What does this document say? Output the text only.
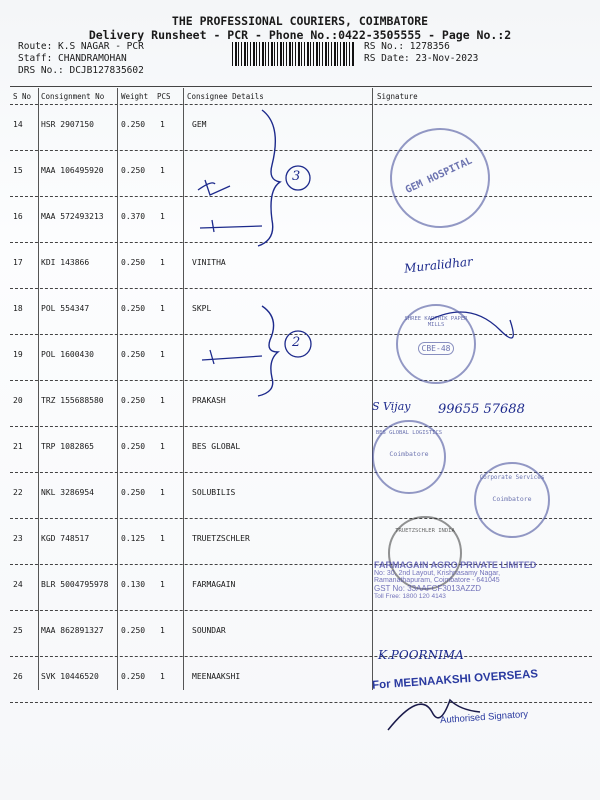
THE PROFESSIONAL COURIERS, COIMBATORE
Delivery Runsheet - PCR - Phone No.:0422-3505555 - Page No.:2
Route: K.S NAGAR - PCR
Staff: CHANDRAMOHAN
DRS No.: DCJB127835602
RS No.: 1278356
RS Date: 23-Nov-2023
S No Consignment No Weight PCS Consignee Details	Signature
14 HSR 2907150	0.250 1	GEM
15 MAA 106495920 0.250 1
16 MAA 572493213 0.370 1
17 KDI 143866	0.250 1	VINITHA
18 POL 554347	0.250 1	SKPL
19 POL 1600430	0.250 1
20 TRZ 155688580 0.250 1	PRAKASH
21 TRP 1082865	0.250 1	BES GLOBAL
22 NKL 3286954	0.250 1	SOLUBILIS
23 KGD 748517	0.125 1	TRUETZSCHLER
24 BLR 5004795978 0.130 1	FARMAGAIN
25 MAA 862891327 0.250 1	SOUNDAR
26 SVK 10446520	0.250 1	MEENAAKSHI
3
2
Muralidhar
S Vijay 99655 57688
K.POORNIMA
GEM HOSPITAL
SHREE KARTHIK PAPER MILLS
CBE-48
BES GLOBAL LOGISTICS
Coimbatore
Corporate Services
Coimbatore
TRUETZSCHLER INDIA
FARMAGAIN AGRO PRIVATE LIMITED
No: 30, 2nd Layout, Krishnasamy Nagar,
Ramanathapuram, Coimbatore - 641045
GST No: 33AAFCF3013AZZD
Toll Free: 1800 120 4143
For MEENAAKSHI OVERSEAS
Authorised Signatory
